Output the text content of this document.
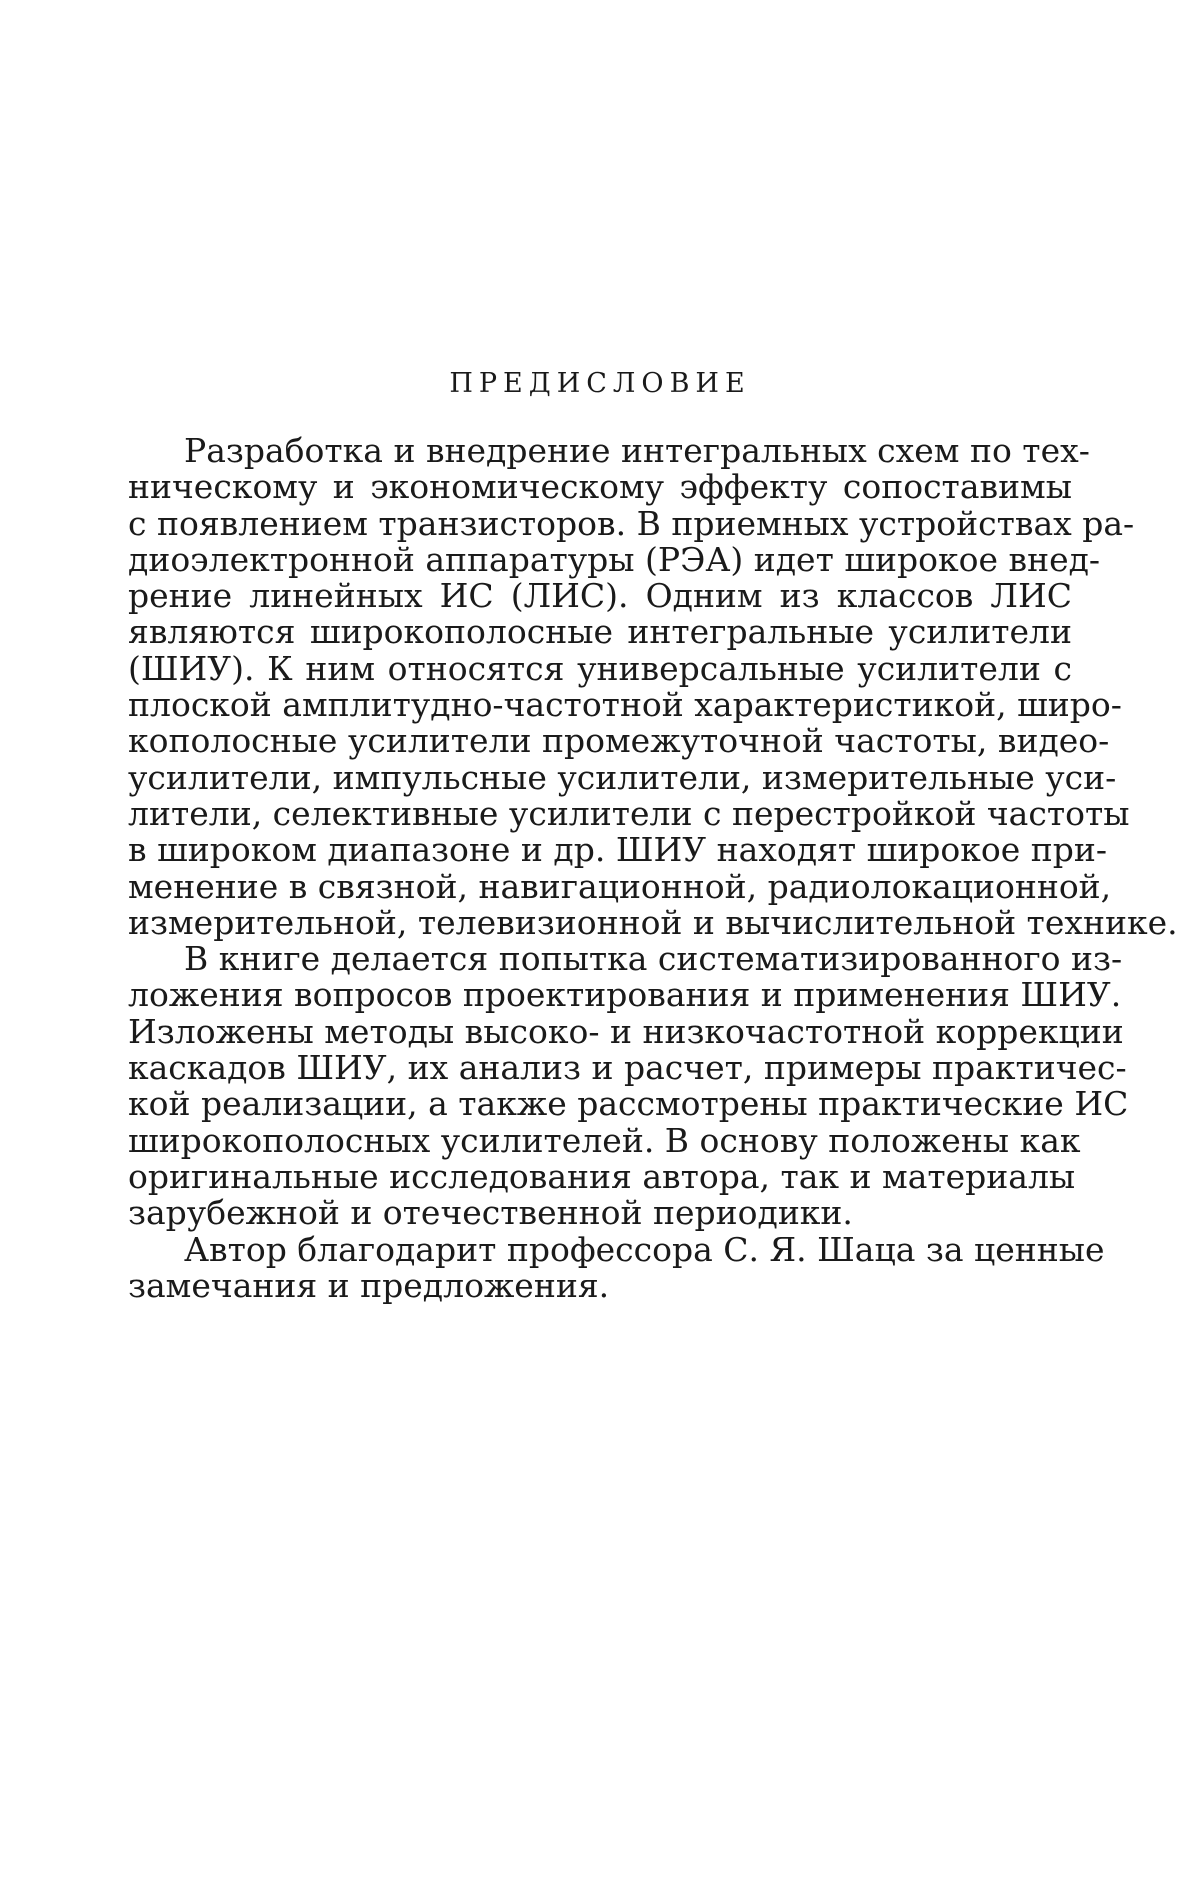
ПРЕДИСЛОВИЕ
Разработка и внедрение интегральных схем по тех-
ническому и экономическому эффекту сопоставимы
с появлением транзисторов. В приемных устройствах ра-
диоэлектронной аппаратуры (РЭА) идет широкое внед-
рение линейных ИС (ЛИС). Одним из классов ЛИС
являются широкополосные интегральные усилители
(ШИУ). К ним относятся универсальные усилители с
плоской амплитудно-частотной характеристикой, широ-
кополосные усилители промежуточной частоты, видео-
усилители, импульсные усилители, измерительные уси-
лители, селективные усилители с перестройкой частоты
в широком диапазоне и др. ШИУ находят широкое при-
менение в связной, навигационной, радиолокационной,
измерительной, телевизионной и вычислительной технике.
В книге делается попытка систематизированного из-
ложения вопросов проектирования и применения ШИУ.
Изложены методы высоко- и низкочастотной коррекции
каскадов ШИУ, их анализ и расчет, примеры практичес-
кой реализации, а также рассмотрены практические ИС
широкополосных усилителей. В основу положены как
оригинальные исследования автора, так и материалы
зарубежной и отечественной периодики.
Автор благодарит профессора С. Я. Шаца за ценные
замечания и предложения.
